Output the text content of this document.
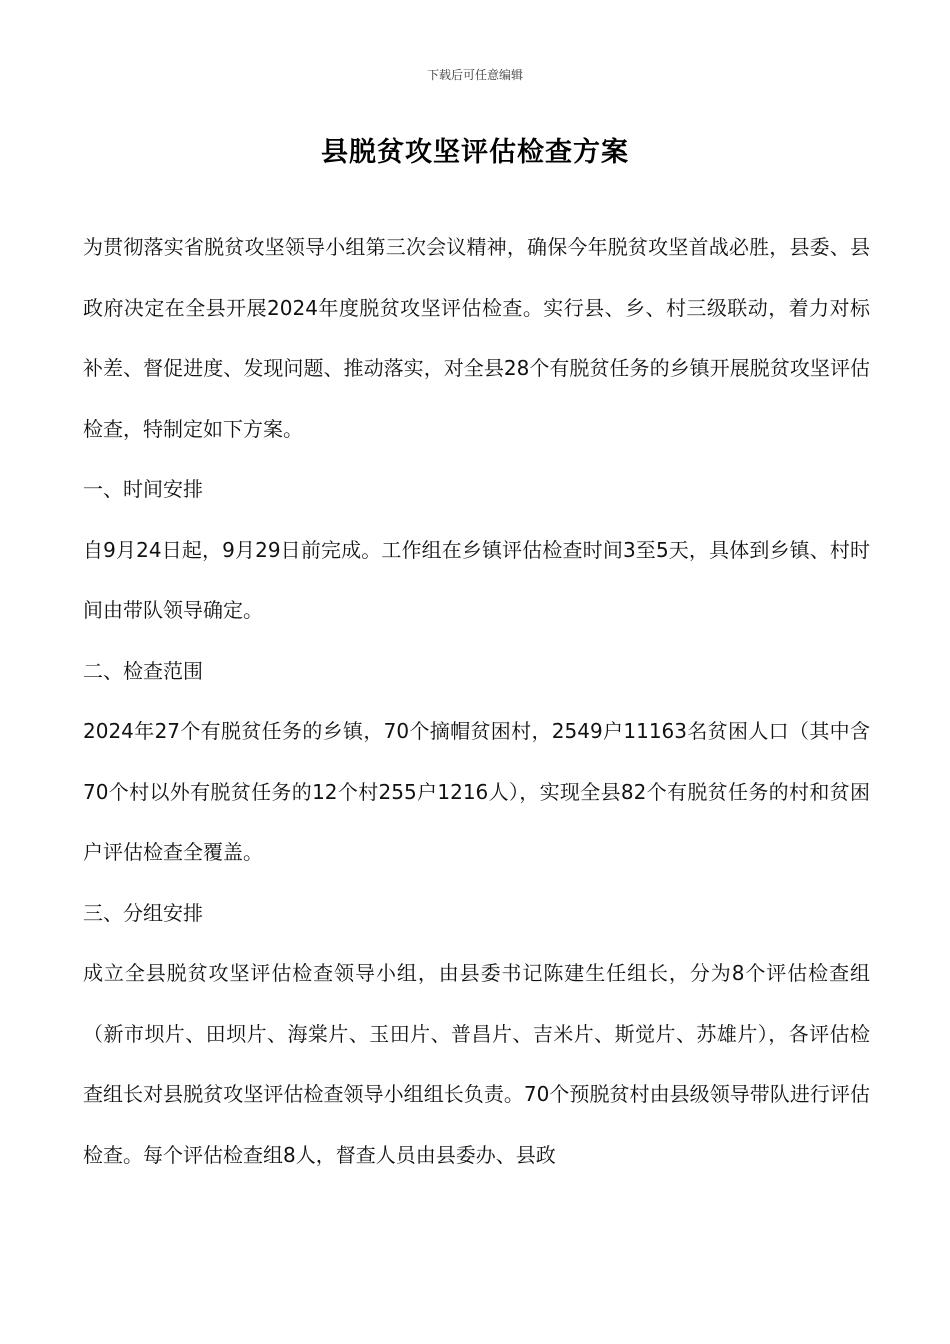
下载后可任意编辑
县脱贫攻坚评估检查方案

为贯彻落实省脱贫攻坚领导小组第三次会议精神，确保今年脱贫攻坚首战必胜，县委、县政府决定在全县开展2024年度脱贫攻坚评估检查。实行县、乡、村三级联动，着力对标补差、督促进度、发现问题、推动落实，对全县28个有脱贫任务的乡镇开展脱贫攻坚评估检查，特制定如下方案。

一、时间安排

自9月24日起，9月29日前完成。工作组在乡镇评估检查时间3至5天，具体到乡镇、村时间由带队领导确定。

二、检查范围

2024年27个有脱贫任务的乡镇，70个摘帽贫困村，2549户11163名贫困人口（其中含70个村以外有脱贫任务的12个村255户1216人），实现全县82个有脱贫任务的村和贫困户评估检查全覆盖。

三、分组安排

成立全县脱贫攻坚评估检查领导小组，由县委书记陈建生任组长，分为8个评估检查组（新市坝片、田坝片、海棠片、玉田片、普昌片、吉米片、斯觉片、苏雄片），各评估检查组长对县脱贫攻坚评估检查领导小组组长负责。70个预脱贫村由县级领导带队进行评估检查。每个评估检查组8人，督查人员由县委办、县政
